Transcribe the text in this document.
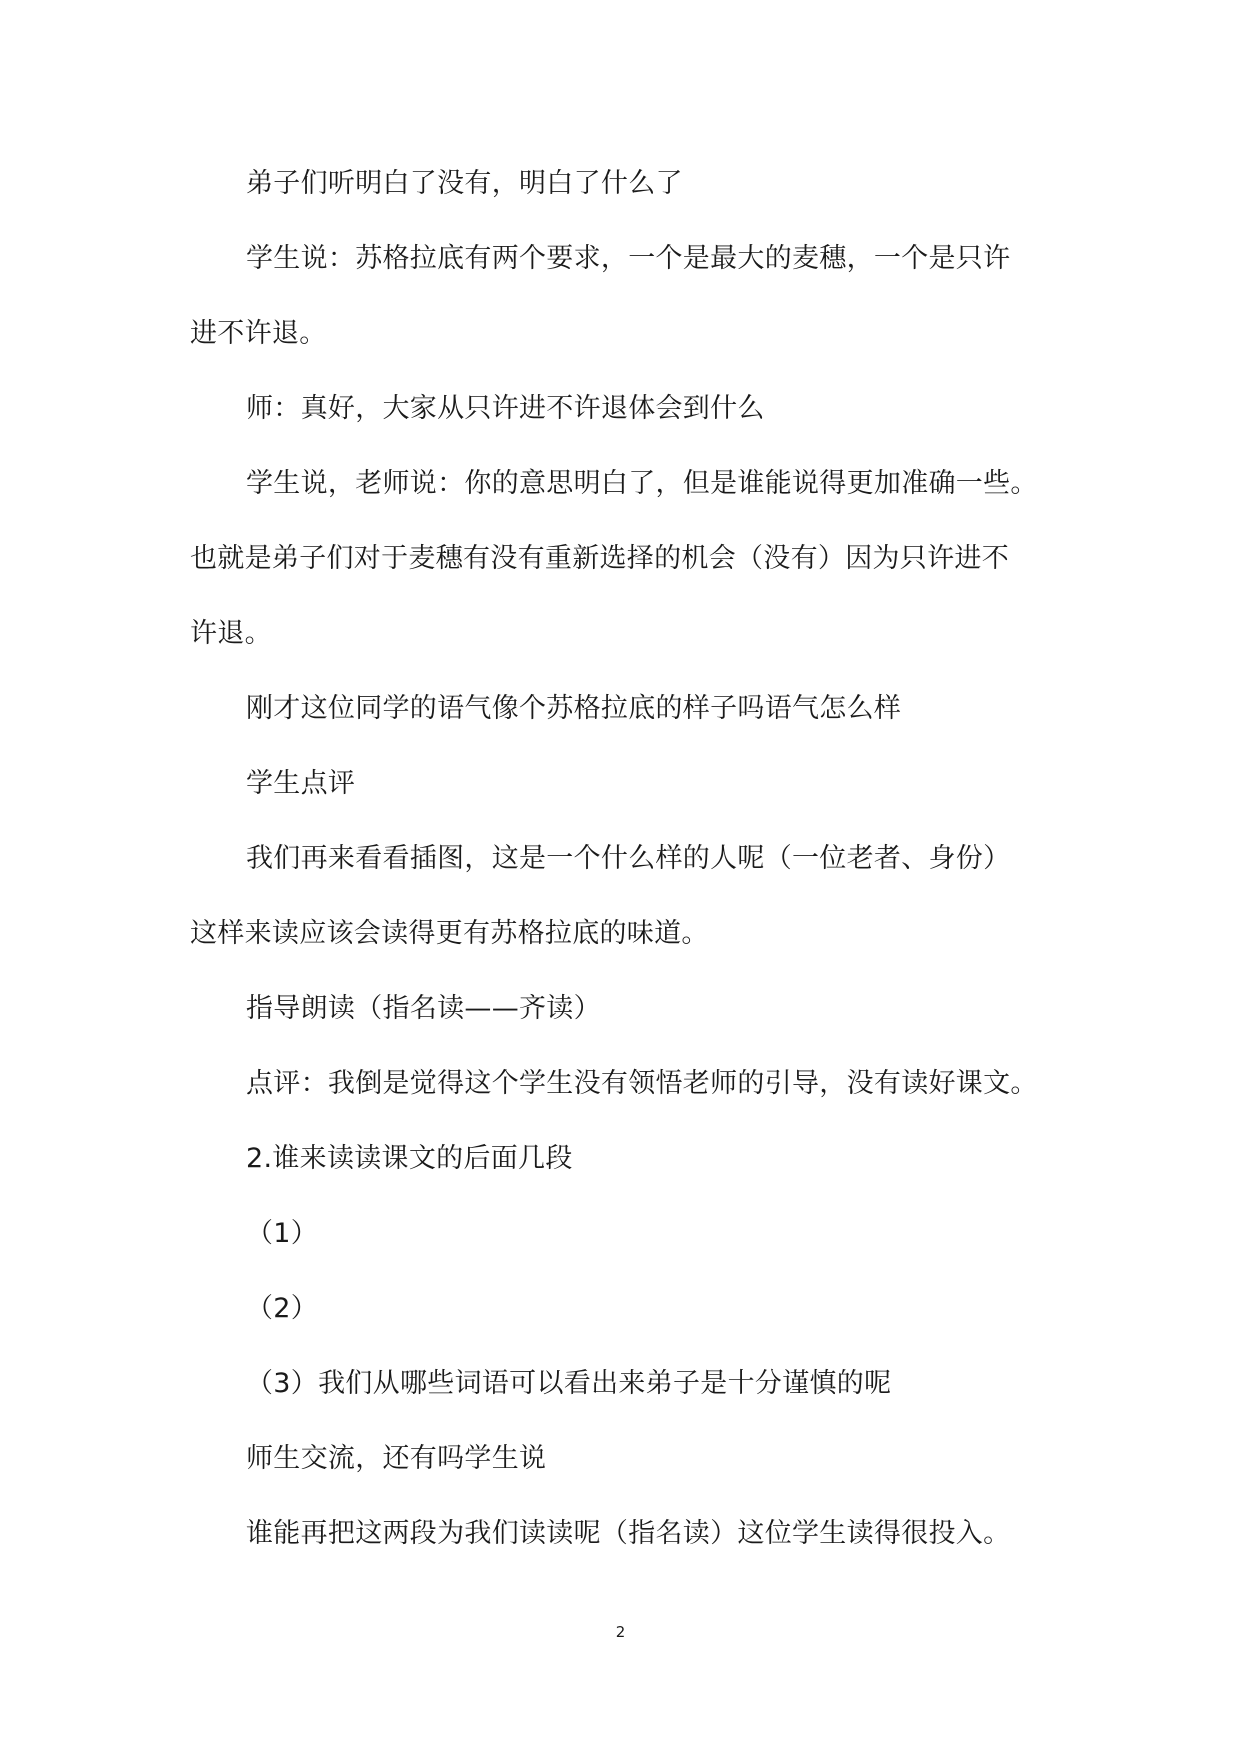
弟子们听明白了没有，明白了什么了
学生说：苏格拉底有两个要求，一个是最大的麦穗，一个是只许
进不许退。
师：真好，大家从只许进不许退体会到什么
学生说，老师说：你的意思明白了，但是谁能说得更加准确一些。
也就是弟子们对于麦穗有没有重新选择的机会（没有）因为只许进不
许退。
刚才这位同学的语气像个苏格拉底的样子吗语气怎么样
学生点评
我们再来看看插图，这是一个什么样的人呢（一位老者、身份）
这样来读应该会读得更有苏格拉底的味道。
指导朗读（指名读——齐读）
点评：我倒是觉得这个学生没有领悟老师的引导，没有读好课文。
2.谁来读读课文的后面几段
（1）
（2）
（3）我们从哪些词语可以看出来弟子是十分谨慎的呢
师生交流，还有吗学生说
谁能再把这两段为我们读读呢（指名读）这位学生读得很投入。
2
